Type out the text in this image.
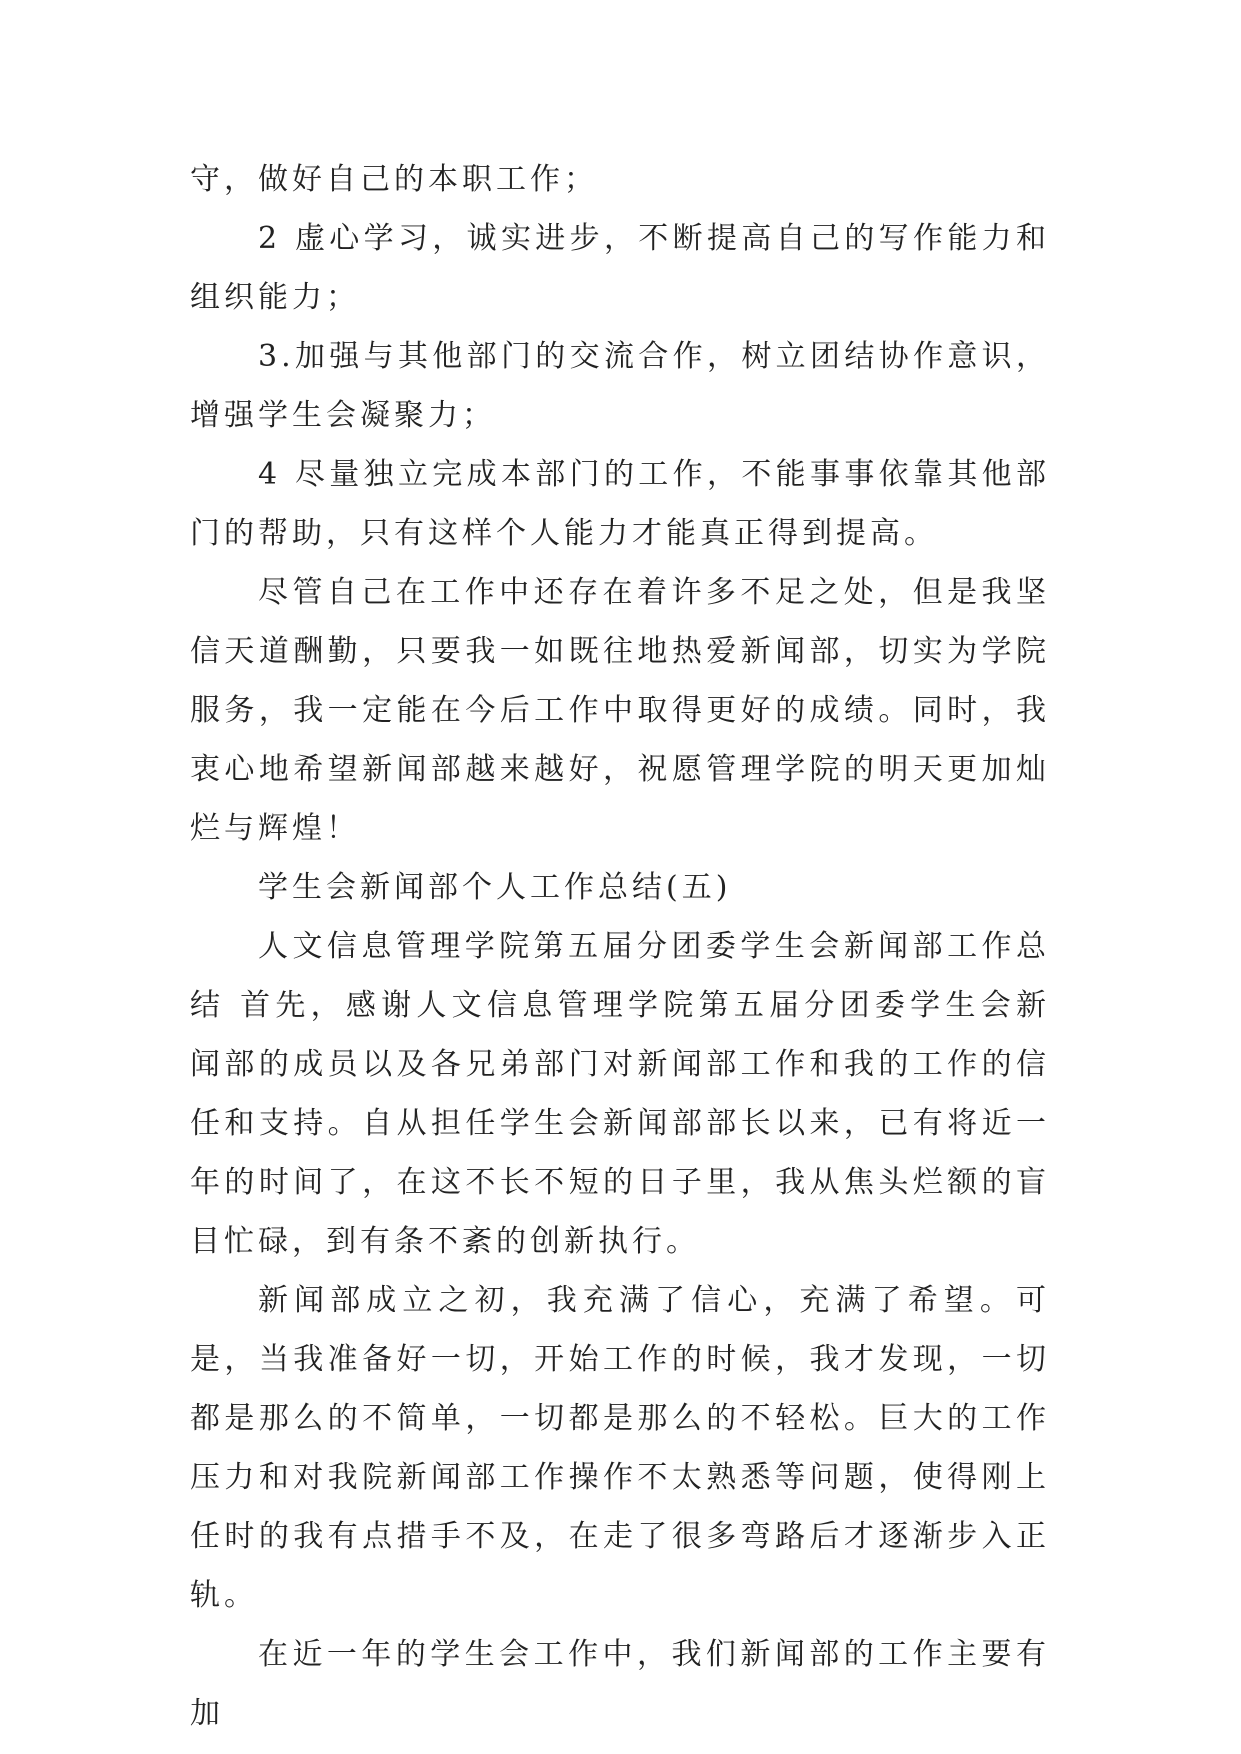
守，做好自己的本职工作；

2 虚心学习，诚实进步，不断提高自己的写作能力和组织能力；

3.加强与其他部门的交流合作，树立团结协作意识，增强学生会凝聚力；

4 尽量独立完成本部门的工作，不能事事依靠其他部门的帮助，只有这样个人能力才能真正得到提高。

尽管自己在工作中还存在着许多不足之处，但是我坚信天道酬勤，只要我一如既往地热爱新闻部，切实为学院服务，我一定能在今后工作中取得更好的成绩。同时，我衷心地希望新闻部越来越好，祝愿管理学院的明天更加灿烂与辉煌！

学生会新闻部个人工作总结(五)

人文信息管理学院第五届分团委学生会新闻部工作总结 首先，感谢人文信息管理学院第五届分团委学生会新闻部的成员以及各兄弟部门对新闻部工作和我的工作的信任和支持。自从担任学生会新闻部部长以来，已有将近一年的时间了，在这不长不短的日子里，我从焦头烂额的盲目忙碌，到有条不紊的创新执行。

新闻部成立之初，我充满了信心，充满了希望。可是，当我准备好一切，开始工作的时候，我才发现，一切都是那么的不简单，一切都是那么的不轻松。巨大的工作压力和对我院新闻部工作操作不太熟悉等问题，使得刚上任时的我有点措手不及，在走了很多弯路后才逐渐步入正轨。

在近一年的学生会工作中，我们新闻部的工作主要有加
